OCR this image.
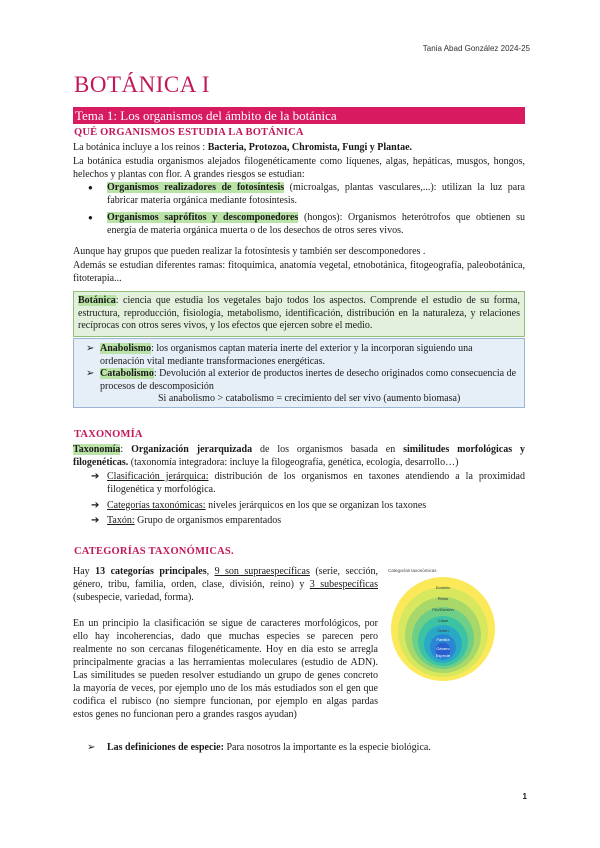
Tania Abad González 2024-25
BOTÁNICA I
Tema 1: Los organismos del ámbito de la botánica
QUÉ ORGANISMOS ESTUDIA LA BOTÁNICA
La botánica incluye a los reinos : Bacteria, Protozoa, Chromista, Fungi y Plantae.
La botánica estudia organismos alejados filogenéticamente como líquenes, algas, hepáticas, musgos, hongos, helechos y plantas con flor. A grandes riesgos se estudian:
● Organismos realizadores de fotosíntesis (microalgas, plantas vasculares,...): utilizan la luz para fabricar materia orgánica mediante fotosíntesis.
● Organismos saprófitos y descomponedores (hongos): Organismos heterótrofos que obtienen su energía de materia orgánica muerta o de los desechos de otros seres vivos.
Aunque hay grupos que pueden realizar la fotosíntesis y también ser descomponedores .
Además se estudian diferentes ramas: fitoquímica, anatomía vegetal, etnobotánica, fitogeografía, paleobotánica, fitoterapia...
Botánica: ciencia que estudia los vegetales bajo todos los aspectos. Comprende el estudio de su forma, estructura, reproducción, fisiología, metabolismo, identificación, distribución en la naturaleza, y relaciones recíprocas con otros seres vivos, y los efectos que ejercen sobre el medio.
➢ Anabolismo: los organismos captan materia inerte del exterior y la incorporan siguiendo una ordenación vital mediante transformaciones energéticas.
➢ Catabolismo: Devolución al exterior de productos inertes de desecho originados como consecuencia de procesos de descomposición
Si anabolismo > catabolismo = crecimiento del ser vivo (aumento biomasa)
TAXONOMÍA
Taxonomía: Organización jerarquizada de los organismos basada en similitudes morfológicas y filogenéticas. (taxonomía integradora: incluye la filogeografía, genética, ecología, desarrollo…)
➔ Clasificación jerárquica: distribución de los organismos en taxones atendiendo a la proximidad filogenética y morfológica.
➔ Categorías taxonómicas: niveles jerárquicos en los que se organizan los taxones
➔ Taxón: Grupo de organismos emparentados
CATEGORÍAS TAXONÓMICAS.
Hay 13 categorías principales, 9 son supraespecíficas (serie, sección, género, tribu, familia, orden, clase, división, reino) y 3 subespecíficas (subespecie, variedad, forma).
En un principio la clasificación se sigue de caracteres morfológicos, por ello hay incoherencias, dado que muchas especies se parecen pero realmente no son cercanas filogenéticamente. Hoy en día esto se arregla principalmente gracias a las herramientas moleculares (estudio de ADN). Las similitudes se pueden resolver estudiando un grupo de genes concreto la mayoría de veces, por ejemplo uno de los más estudiados son el gen que codifica el rubisco (no siempre funcionan, por ejemplo en algas pardas estos genes no funcionan pero a grandes rasgos ayudan)
Categorías taxonómicas
Dominio
Reino
Filo/División
Clase
Orden
Familia
Género
Especie
➢ Las definiciones de especie: Para nosotros la importante es la especie biológica.
1
